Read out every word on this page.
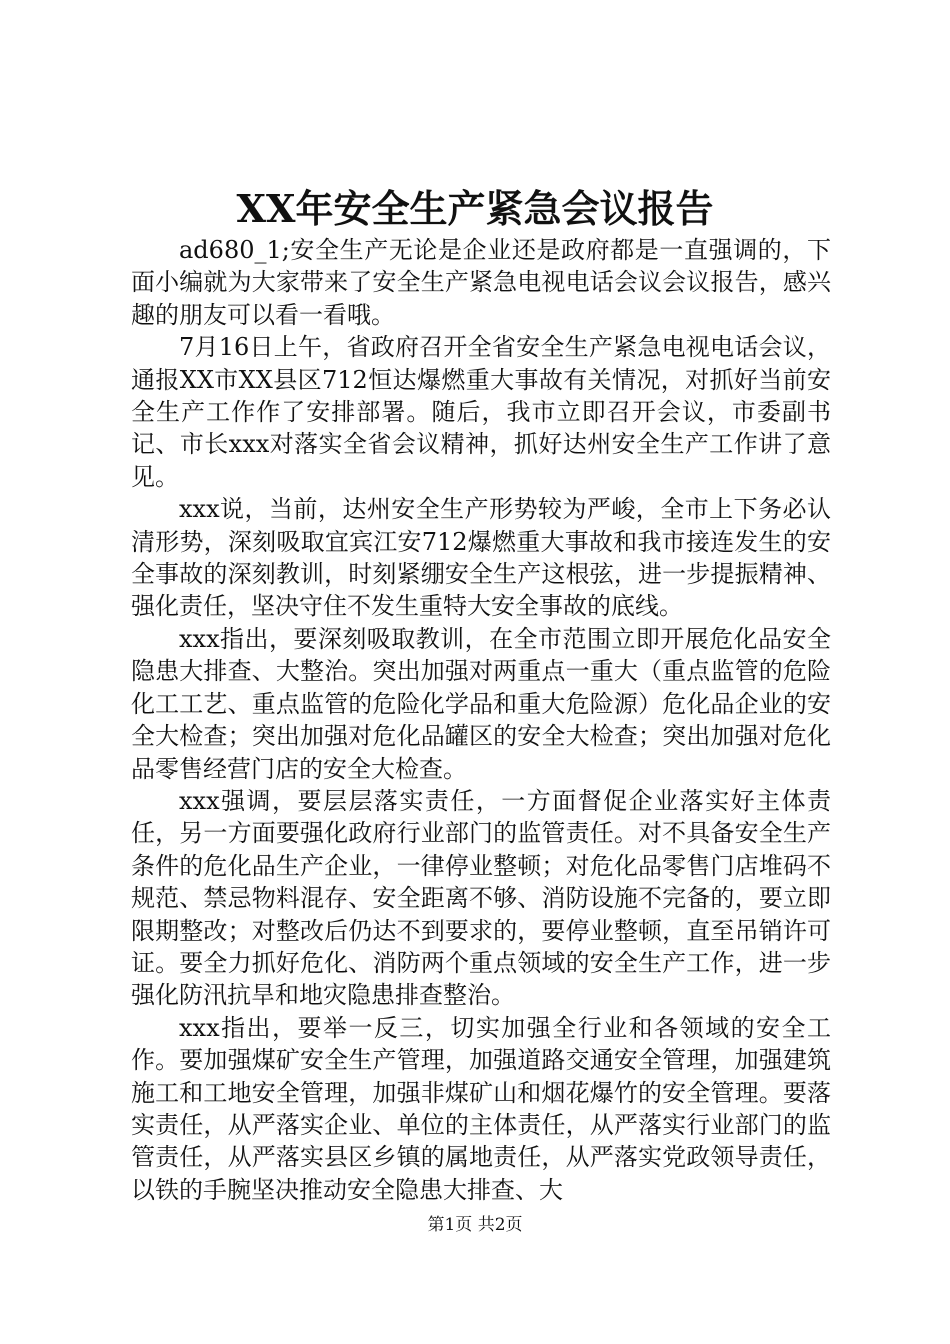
XX年安全生产紧急会议报告

ad680_1;安全生产无论是企业还是政府都是一直强调的，下面小编就为大家带来了安全生产紧急电视电话会议会议报告，感兴趣的朋友可以看一看哦。

7月16日上午，省政府召开全省安全生产紧急电视电话会议，通报XX市XX县区712恒达爆燃重大事故有关情况，对抓好当前安全生产工作作了安排部署。随后，我市立即召开会议，市委副书记、市长xxx对落实全省会议精神，抓好达州安全生产工作讲了意见。

xxx说，当前，达州安全生产形势较为严峻，全市上下务必认清形势，深刻吸取宜宾江安712爆燃重大事故和我市接连发生的安全事故的深刻教训，时刻紧绷安全生产这根弦，进一步提振精神、强化责任，坚决守住不发生重特大安全事故的底线。

xxx指出，要深刻吸取教训，在全市范围立即开展危化品安全隐患大排查、大整治。突出加强对两重点一重大（重点监管的危险化工工艺、重点监管的危险化学品和重大危险源）危化品企业的安全大检查；突出加强对危化品罐区的安全大检查；突出加强对危化品零售经营门店的安全大检查。

xxx强调，要层层落实责任，一方面督促企业落实好主体责任，另一方面要强化政府行业部门的监管责任。对不具备安全生产条件的危化品生产企业，一律停业整顿；对危化品零售门店堆码不规范、禁忌物料混存、安全距离不够、消防设施不完备的，要立即限期整改；对整改后仍达不到要求的，要停业整顿，直至吊销许可证。要全力抓好危化、消防两个重点领域的安全生产工作，进一步强化防汛抗旱和地灾隐患排查整治。

xxx指出，要举一反三，切实加强全行业和各领域的安全工作。要加强煤矿安全生产管理，加强道路交通安全管理，加强建筑施工和工地安全管理，加强非煤矿山和烟花爆竹的安全管理。要落实责任，从严落实企业、单位的主体责任，从严落实行业部门的监管责任，从严落实县区乡镇的属地责任，从严落实党政领导责任，以铁的手腕坚决推动安全隐患大排查、大

第1页 共2页
